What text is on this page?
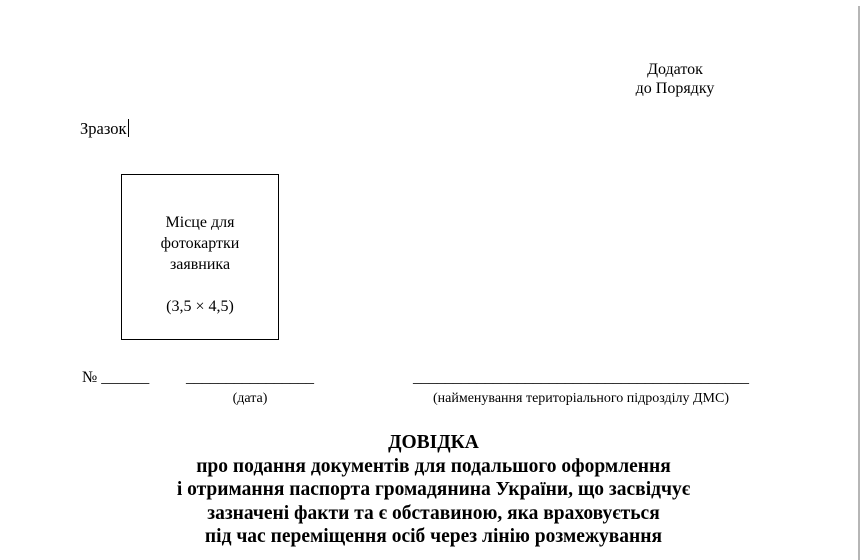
Додаток
до Порядку
Зразок
Місце для
фотокартки
заявника
(3,5 × 4,5)
№ ______ ________________
(дата)
__________________________________________
(найменування територіального підрозділу ДМС)
ДОВІДКА
про подання документів для подальшого оформлення
і отримання паспорта громадянина України, що засвідчує
зазначені факти та є обставиною, яка враховується
під час переміщення осіб через лінію розмежування
